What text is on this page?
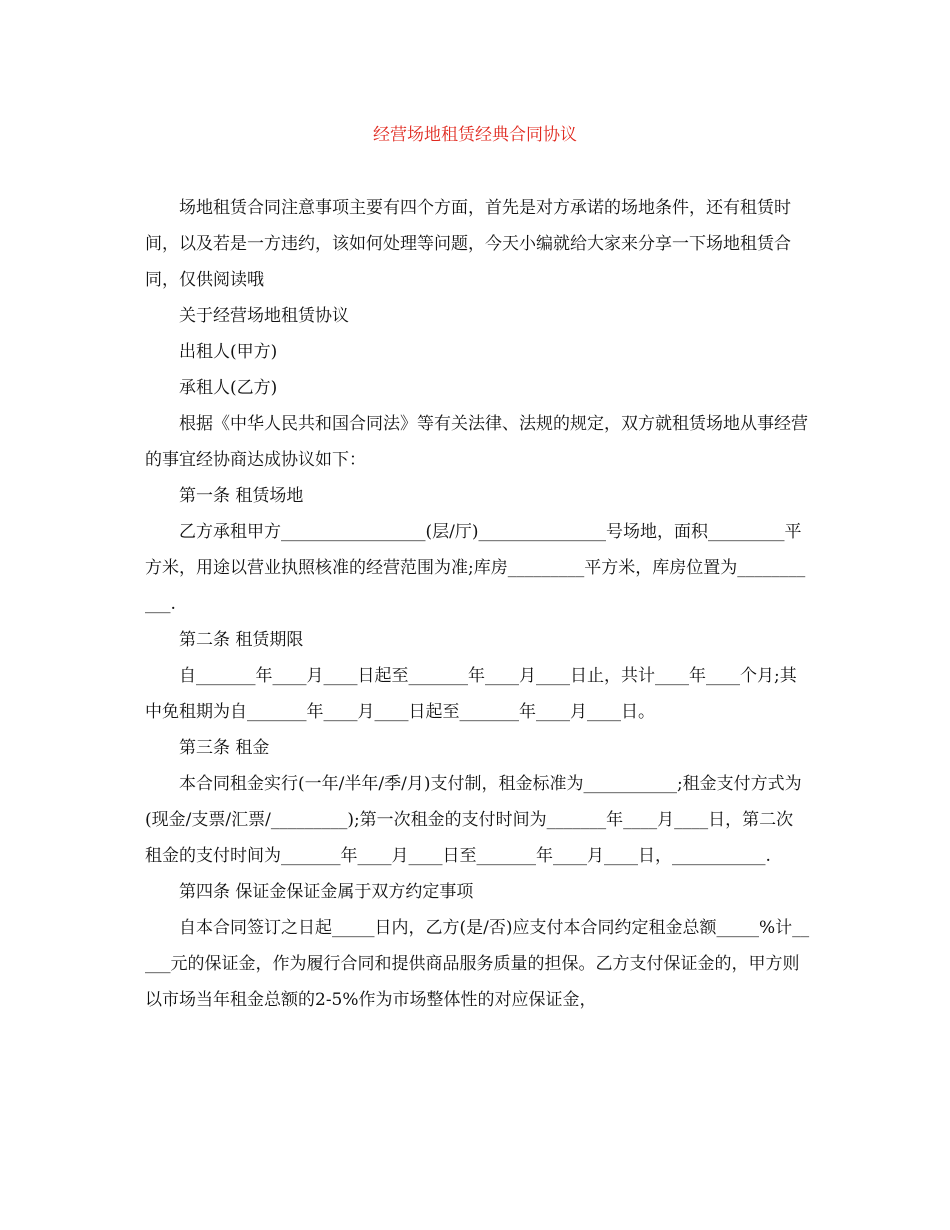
经营场地租赁经典合同协议

场地租赁合同注意事项主要有四个方面，首先是对方承诺的场地条件，还有租赁时间，以及若是一方违约，该如何处理等问题，今天小编就给大家来分享一下场地租赁合同，仅供阅读哦

关于经营场地租赁协议

出租人(甲方)

承租人(乙方)

根据《中华人民共和国合同法》等有关法律、法规的规定，双方就租赁场地从事经营的事宜经协商达成协议如下：

第一条 租赁场地

乙方承租甲方_________________(层/厅)_______________号场地，面积_________平方米，用途以营业执照核准的经营范围为准;库房_________平方米，库房位置为___________.

第二条 租赁期限

自_______年____月____日起至_______年____月____日止，共计____年____个月;其中免租期为自_______年____月____日起至_______年____月____日。

第三条 租金

本合同租金实行(一年/半年/季/月)支付制，租金标准为___________;租金支付方式为(现金/支票/汇票/_________);第一次租金的支付时间为_______年____月____日，第二次租金的支付时间为_______年____月____日至_______年____月____日，___________.

第四条 保证金保证金属于双方约定事项

自本合同签订之日起_____日内，乙方(是/否)应支付本合同约定租金总额_____%计_____元的保证金，作为履行合同和提供商品服务质量的担保。乙方支付保证金的，甲方则以市场当年租金总额的2-5%作为市场整体性的对应保证金，
